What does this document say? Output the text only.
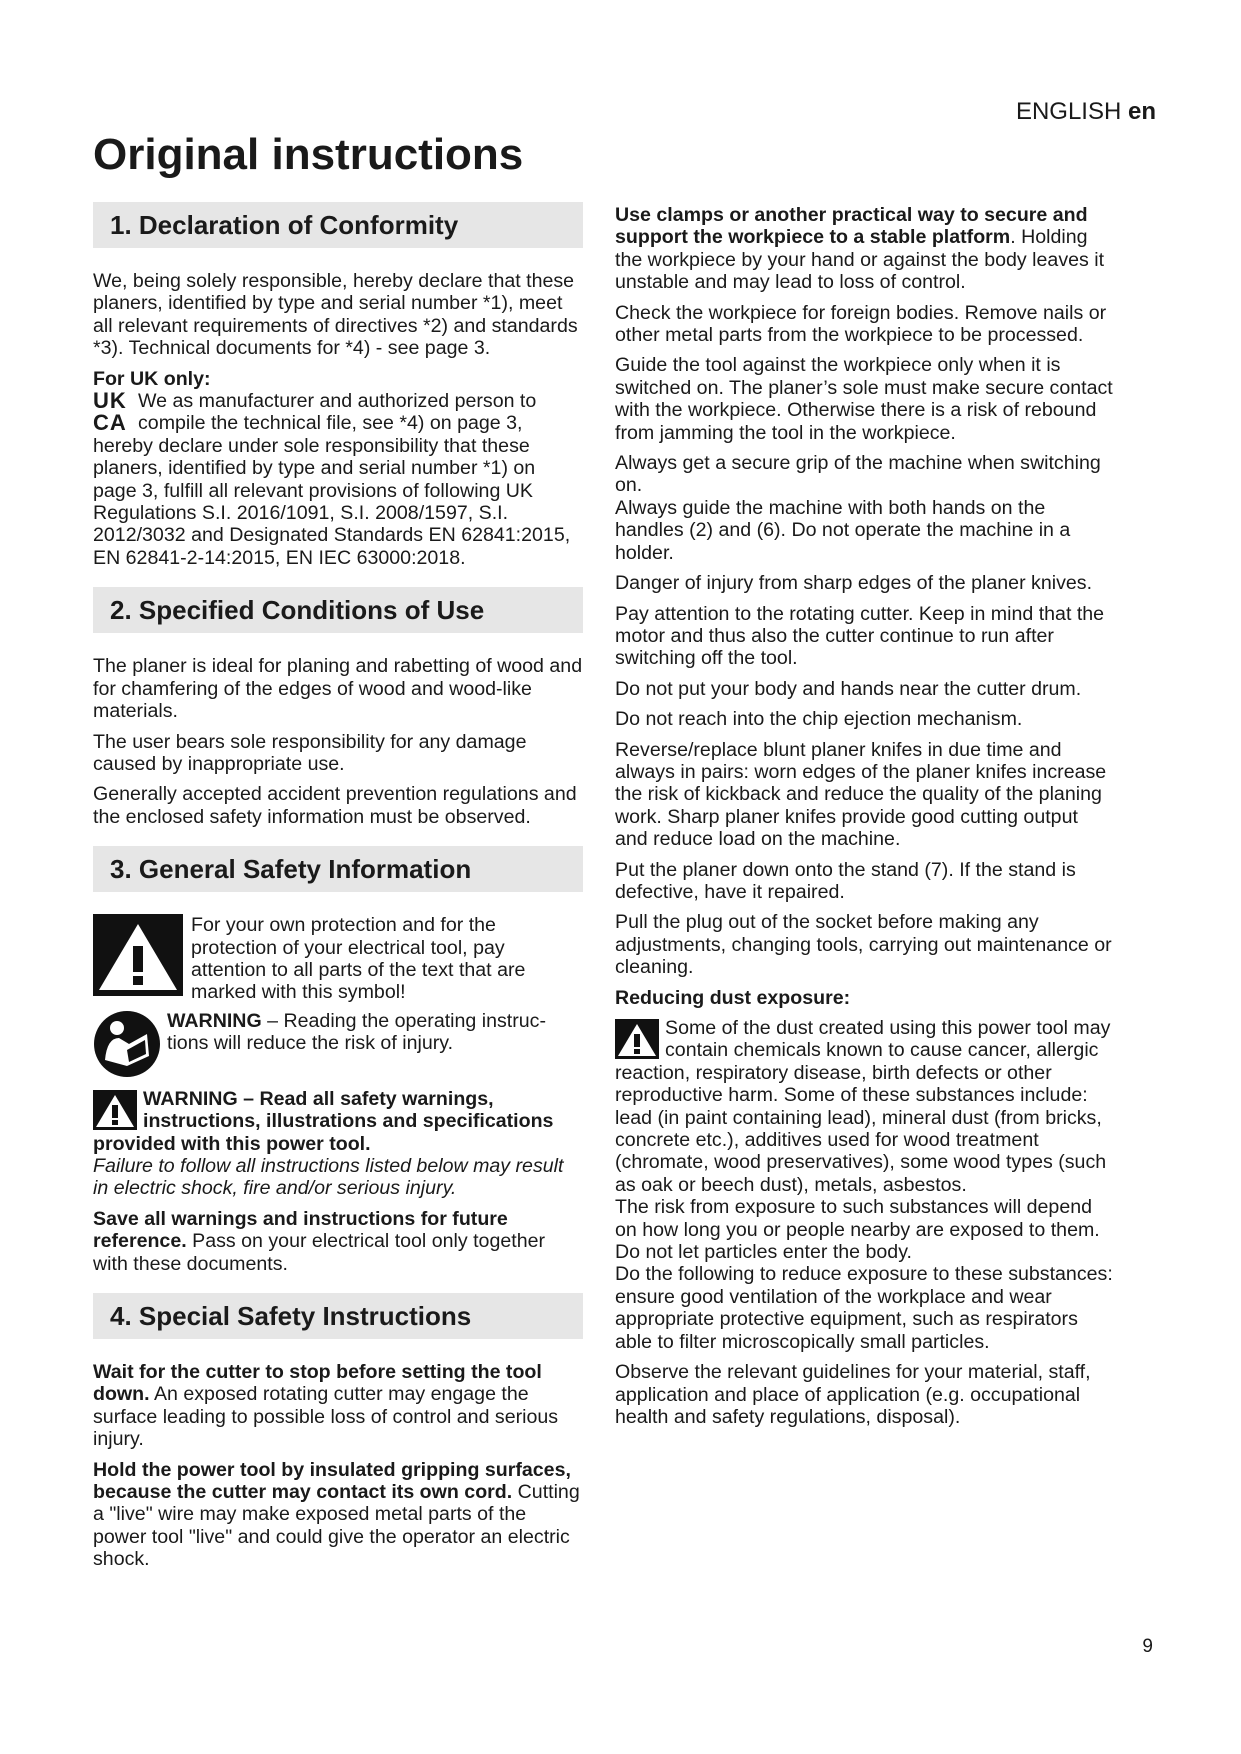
ENGLISH en
Original instructions
1. Declaration of Conformity

We, being solely responsible, hereby declare that these planers, identified by type and serial number *1), meet all relevant requirements of directives *2) and standards *3). Technical documents for *4) - see page 3.

For UK only:

UK
CA
We as manufacturer and authorized person to compile the technical file, see *4) on page 3, hereby declare under sole responsibility that these planers, identified by type and serial number *1) on page 3, fulfill all relevant provisions of following UK Regulations S.I. 2016/1091, S.I. 2008/1597, S.I. 2012/3032 and Designated Standards EN 62841:2015, EN 62841-2-14:2015, EN IEC 63000:2018.

2. Specified Conditions of Use

The planer is ideal for planing and rabetting of wood and for chamfering of the edges of wood and wood-like materials.

The user bears sole responsibility for any damage caused by inappropriate use.

Generally accepted accident prevention regulations and the enclosed safety information must be observed.

3. General Safety Information
For your own protection and for the protection of your electrical tool, pay attention to all parts of the text that are marked with this symbol!
WARNING – Reading the operating instruc-tions will reduce the risk of injury.

WARNING – Read all safety warnings, instructions, illustrations and specifications provided with this power tool.
Failure to follow all instructions listed below may result in electric shock, fire and/or serious injury.

Save all warnings and instructions for future reference. Pass on your electrical tool only together with these documents.

4. Special Safety Instructions

Wait for the cutter to stop before setting the tool down. An exposed rotating cutter may engage the surface leading to possible loss of control and serious injury.

Hold the power tool by insulated gripping surfaces, because the cutter may contact its own cord. Cutting a "live" wire may make exposed metal parts of the power tool "live" and could give the operator an electric shock.

Use clamps or another practical way to secure and support the workpiece to a stable platform. Holding the workpiece by your hand or against the body leaves it unstable and may lead to loss of control.

Check the workpiece for foreign bodies. Remove nails or other metal parts from the workpiece to be processed.

Guide the tool against the workpiece only when it is switched on. The planer’s sole must make secure contact with the workpiece. Otherwise there is a risk of rebound from jamming the tool in the workpiece.

Always get a secure grip of the machine when switching on.

Always guide the machine with both hands on the handles (2) and (6). Do not operate the machine in a holder.

Danger of injury from sharp edges of the planer knives.

Pay attention to the rotating cutter. Keep in mind that the motor and thus also the cutter continue to run after switching off the tool.

Do not put your body and hands near the cutter drum.

Do not reach into the chip ejection mechanism.

Reverse/replace blunt planer knifes in due time and always in pairs: worn edges of the planer knifes increase the risk of kickback and reduce the quality of the planing work. Sharp planer knifes provide good cutting output and reduce load on the machine.

Put the planer down onto the stand (7). If the stand is defective, have it repaired.

Pull the plug out of the socket before making any adjustments, changing tools, carrying out maintenance or cleaning.

Reducing dust exposure:

Some of the dust created using this power tool may contain chemicals known to cause cancer, allergic reaction, respiratory disease, birth defects or other reproductive harm. Some of these substances include: lead (in paint containing lead), mineral dust (from bricks, concrete etc.), additives used for wood treatment (chromate, wood preservatives), some wood types (such as oak or beech dust), metals, asbestos.

The risk from exposure to such substances will depend on how long you or people nearby are exposed to them.

Do not let particles enter the body.

Do the following to reduce exposure to these substances: ensure good ventilation of the workplace and wear appropriate protective equipment, such as respirators able to filter microscopically small particles.

Observe the relevant guidelines for your material, staff, application and place of application (e.g. occupational health and safety regulations, disposal).

9
